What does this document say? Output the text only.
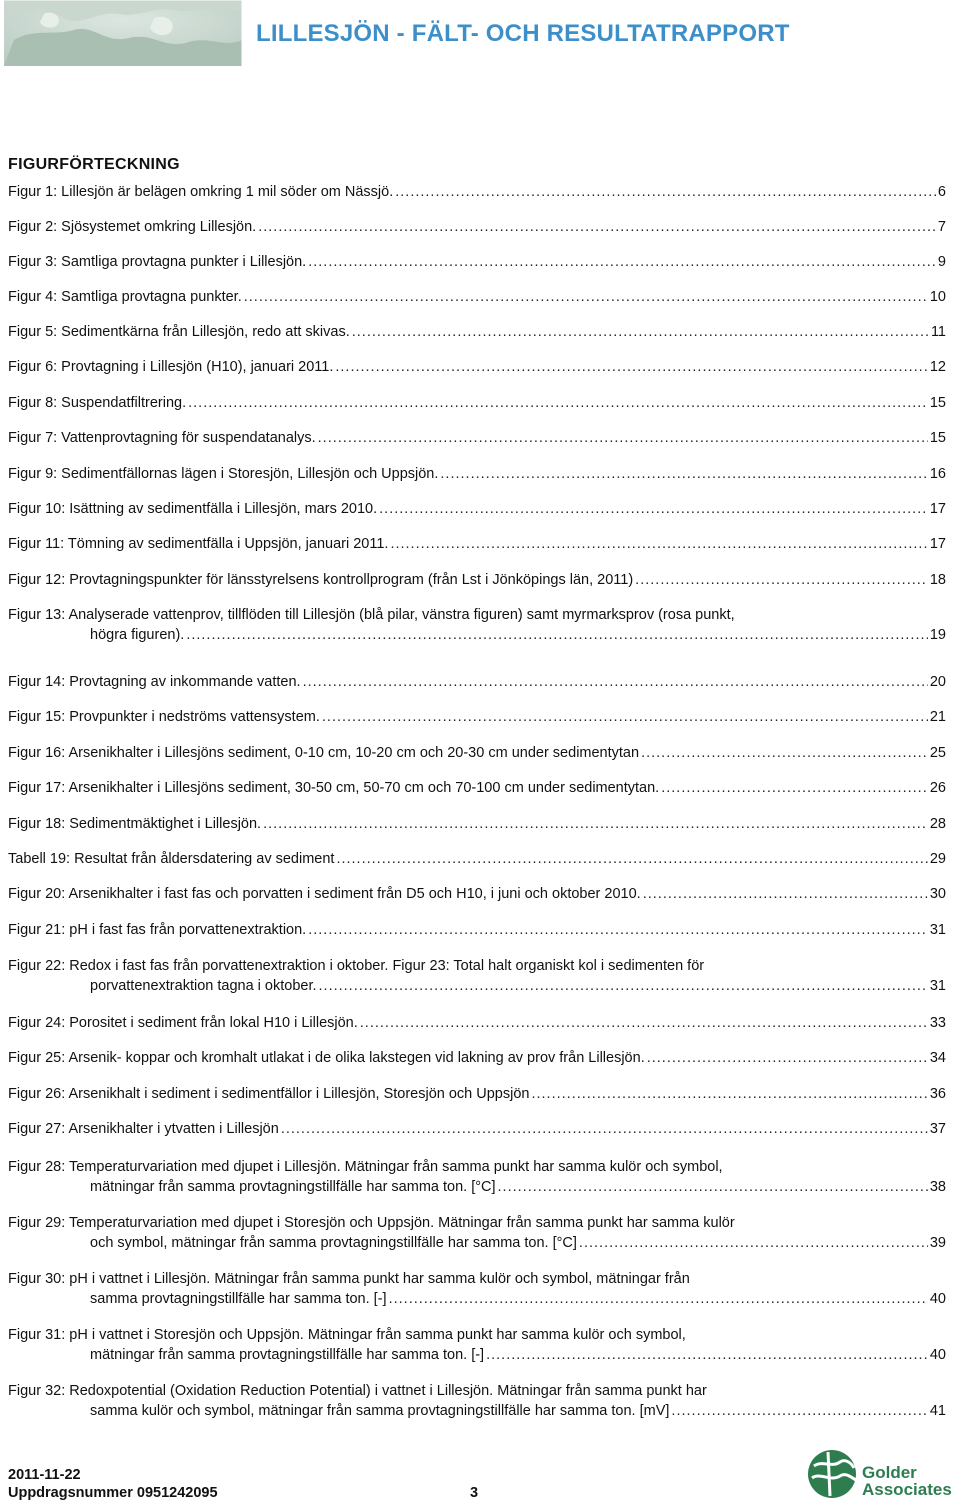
LILLESJÖN - FÄLT- OCH RESULTATRAPPORT
FIGURFÖRTECKNING
Figur 1: Lillesjön är belägen omkring 1 mil söder om Nässjö. .....	6
Figur 2: Sjösystemet omkring Lillesjön. .....	7
Figur 3: Samtliga provtagna punkter i Lillesjön. .....	9
Figur 4: Samtliga provtagna punkter. .....	10
Figur 5: Sedimentkärna från Lillesjön, redo att skivas. .....	11
Figur 6: Provtagning i Lillesjön (H10), januari 2011. .....	12
Figur 8: Suspendatfiltrering. .....	15
Figur 7: Vattenprovtagning för suspendatanalys. .....	15
Figur 9: Sedimentfällornas lägen i Storesjön, Lillesjön och Uppsjön. .....	16
Figur 10: Isättning av sedimentfälla i Lillesjön, mars 2010. .....	17
Figur 11: Tömning av sedimentfälla i Uppsjön, januari 2011. .....	17
Figur 12: Provtagningspunkter för länsstyrelsens kontrollprogram (från Lst i Jönköpings län, 2011) .....	18
Figur 13: Analyserade vattenprov, tillflöden till Lillesjön (blå pilar, vänstra figuren) samt myrmarksprov (rosa punkt,
högra figuren). .....	19
Figur 14: Provtagning av inkommande vatten. .....	20
Figur 15: Provpunkter i nedströms vattensystem. .....	21
Figur 16: Arsenikhalter i Lillesjöns sediment, 0-10 cm, 10-20 cm och 20-30 cm under sedimentytan .....	25
Figur 17: Arsenikhalter i Lillesjöns sediment, 30-50 cm, 50-70 cm och 70-100 cm under sedimentytan. .....	26
Figur 18: Sedimentmäktighet i Lillesjön. .....	28
Tabell 19: Resultat från åldersdatering av sediment .....	29
Figur 20: Arsenikhalter i fast fas och porvatten i sediment från D5 och H10, i juni och oktober 2010. .....	30
Figur 21: pH i fast fas från porvattenextraktion. .....	31
Figur 22: Redox i fast fas från porvattenextraktion i oktober. Figur 23: Total halt organiskt kol i sedimenten för
porvattenextraktion tagna i oktober. .....	31
Figur 24: Porositet i sediment från lokal H10 i Lillesjön. .....	33
Figur 25: Arsenik- koppar och kromhalt utlakat i de olika lakstegen vid lakning av prov från Lillesjön. .....	34
Figur 26: Arsenikhalt i sediment i sedimentfällor i Lillesjön, Storesjön och Uppsjön .....	36
Figur 27: Arsenikhalter i ytvatten i Lillesjön .....	37
Figur 28: Temperaturvariation med djupet i Lillesjön. Mätningar från samma punkt har samma kulör och symbol,
mätningar från samma provtagningstillfälle har samma ton. [°C] .....	38
Figur 29: Temperaturvariation med djupet i Storesjön och Uppsjön. Mätningar från samma punkt har samma kulör
och symbol, mätningar från samma provtagningstillfälle har samma ton. [°C] .....	39
Figur 30: pH i vattnet i Lillesjön. Mätningar från samma punkt har samma kulör och symbol, mätningar från
samma provtagningstillfälle har samma ton. [-] .....	40
Figur 31: pH i vattnet i Storesjön och Uppsjön. Mätningar från samma punkt har samma kulör och symbol,
mätningar från samma provtagningstillfälle har samma ton. [-] .....	40
Figur 32: Redoxpotential (Oxidation Reduction Potential) i vattnet i Lillesjön. Mätningar från samma punkt har
samma kulör och symbol, mätningar från samma provtagningstillfälle har samma ton. [mV] .....	41
2011-11-22
Uppdragsnummer 0951242095	3
Golder
Associates
